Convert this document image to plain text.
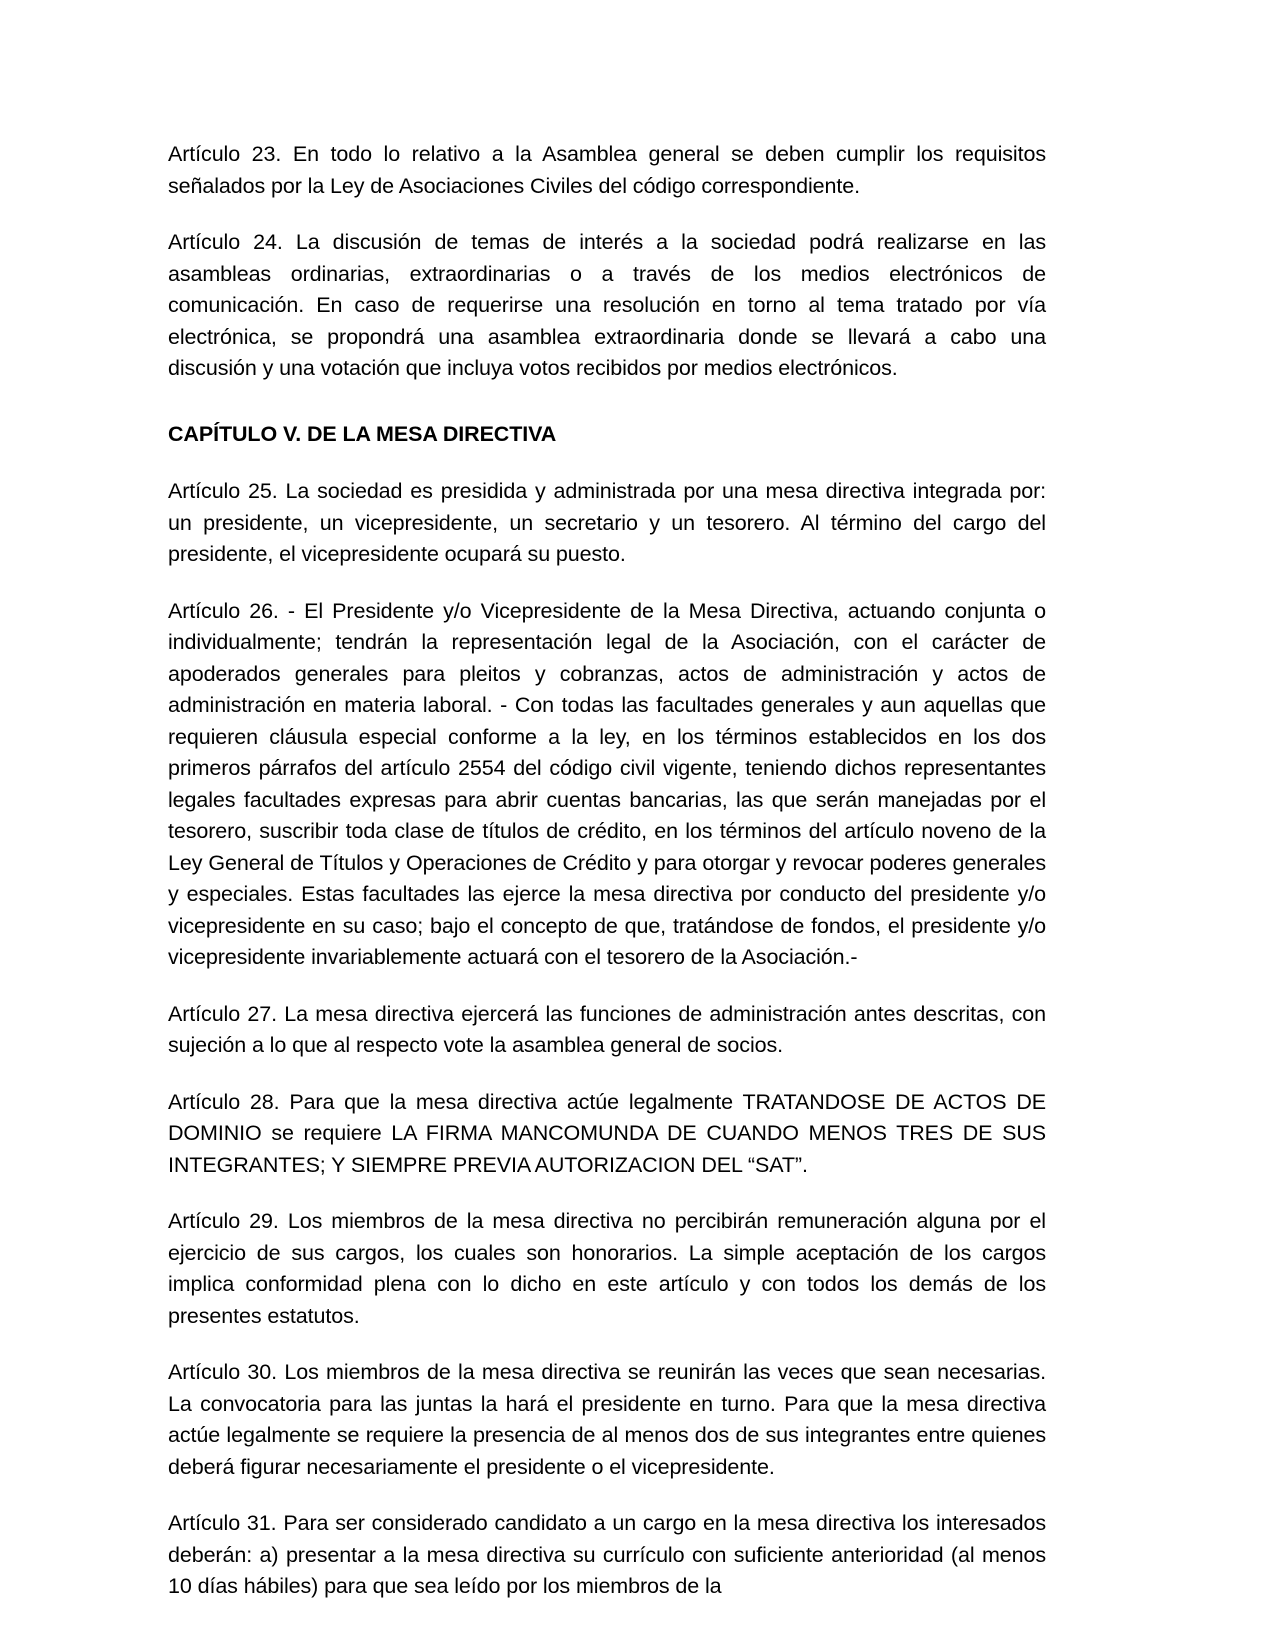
Artículo 23. En todo lo relativo a la Asamblea general se deben cumplir los requisitos señalados por la Ley de Asociaciones Civiles del código correspondiente.

Artículo 24. La discusión de temas de interés a la sociedad podrá realizarse en las asambleas ordinarias, extraordinarias o a través de los medios electrónicos de comunicación. En caso de requerirse una resolución en torno al tema tratado por vía electrónica, se propondrá una asamblea extraordinaria donde se llevará a cabo una discusión y una votación que incluya votos recibidos por medios electrónicos.

CAPÍTULO V. DE LA MESA DIRECTIVA

Artículo 25. La sociedad es presidida y administrada por una mesa directiva integrada por: un presidente, un vicepresidente, un secretario y un tesorero. Al término del cargo del presidente, el vicepresidente ocupará su puesto.

Artículo 26. - El Presidente y/o Vicepresidente de la Mesa Directiva, actuando conjunta o individualmente; tendrán la representación legal de la Asociación, con el carácter de apoderados generales para pleitos y cobranzas, actos de administración y actos de administración en materia laboral. - Con todas las facultades generales y aun aquellas que requieren cláusula especial conforme a la ley, en los términos establecidos en los dos primeros párrafos del artículo 2554 del código civil vigente, teniendo dichos representantes legales facultades expresas para abrir cuentas bancarias, las que serán manejadas por el tesorero, suscribir toda clase de títulos de crédito, en los términos del artículo noveno de la Ley General de Títulos y Operaciones de Crédito y para otorgar y revocar poderes generales y especiales. Estas facultades las ejerce la mesa directiva por conducto del presidente y/o vicepresidente en su caso; bajo el concepto de que, tratándose de fondos, el presidente y/o vicepresidente invariablemente actuará con el tesorero de la Asociación.-

Artículo 27. La mesa directiva ejercerá las funciones de administración antes descritas, con sujeción a lo que al respecto vote la asamblea general de socios.

Artículo 28. Para que la mesa directiva actúe legalmente TRATANDOSE DE ACTOS DE DOMINIO se requiere LA FIRMA MANCOMUNDA DE CUANDO MENOS TRES DE SUS INTEGRANTES; Y SIEMPRE PREVIA AUTORIZACION DEL “SAT”.

Artículo 29. Los miembros de la mesa directiva no percibirán remuneración alguna por el ejercicio de sus cargos, los cuales son honorarios. La simple aceptación de los cargos implica conformidad plena con lo dicho en este artículo y con todos los demás de los presentes estatutos.

Artículo 30. Los miembros de la mesa directiva se reunirán las veces que sean necesarias. La convocatoria para las juntas la hará el presidente en turno. Para que la mesa directiva actúe legalmente se requiere la presencia de al menos dos de sus integrantes entre quienes deberá figurar necesariamente el presidente o el vicepresidente.

Artículo 31. Para ser considerado candidato a un cargo en la mesa directiva los interesados deberán: a) presentar a la mesa directiva su currículo con suficiente anterioridad (al menos 10 días hábiles) para que sea leído por los miembros de la
